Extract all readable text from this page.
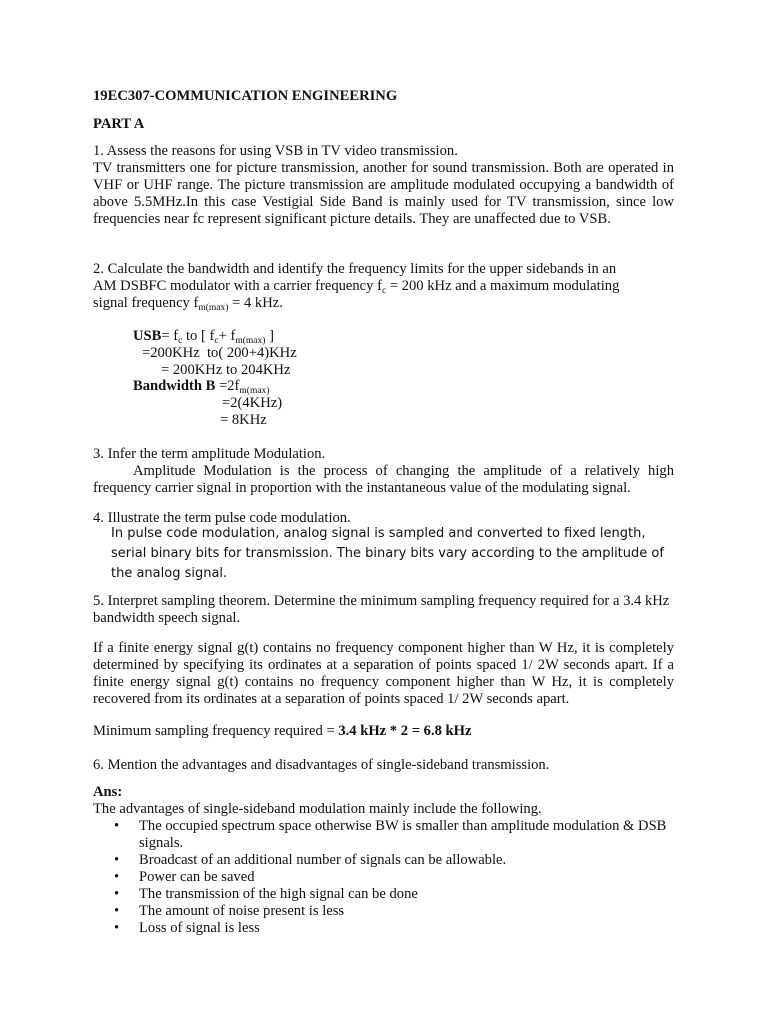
19EC307-COMMUNICATION ENGINEERING

PART A

1. Assess the reasons for using VSB in TV video transmission.

TV transmitters one for picture transmission, another for sound transmission. Both are operated in VHF or UHF range. The picture transmission are amplitude modulated occupying a bandwidth of above 5.5MHz.In this case Vestigial Side Band is mainly used for TV transmission, since low frequencies near fc represent significant picture details. They are unaffected due to VSB.

2. Calculate the bandwidth and identify the frequency limits for the upper sidebands in an

AM DSBFC modulator with a carrier frequency $f_c = 200$ kHz and a maximum modulating

signal frequency $f_{m(max)} = 4$ kHz.

$USB= f_c$ to [ $f_c+ f_{m(max)}$ ]

=200KHz  to( 200+4)KHz

= 200KHz to 204KHz

Bandwidth $B =2f_{m(max)}$

=2(4KHz)

= 8KHz

3. Infer the term amplitude Modulation.

Amplitude Modulation is the process of changing the amplitude of a relatively high frequency carrier signal in proportion with the instantaneous value of the modulating signal.

4. Illustrate the term pulse code modulation.

In pulse code modulation, analog signal is sampled and converted to fixed length, serial binary bits for transmission. The binary bits vary according to the amplitude of the analog signal.

5. Interpret sampling theorem. Determine the minimum sampling frequency required for a 3.4 kHz bandwidth speech signal.

If a finite energy signal g(t) contains no frequency component higher than W Hz, it is completely determined by specifying its ordinates at a separation of points spaced 1/ 2W seconds apart. If a finite energy signal g(t) contains no frequency component higher than W Hz, it is completely recovered from its ordinates at a separation of points spaced 1/ 2W seconds apart.

Minimum sampling frequency required = 3.4 kHz * 2 = 6.8 kHz

6. Mention the advantages and disadvantages of single-sideband transmission.

Ans:

The advantages of single-sideband modulation mainly include the following.

• The occupied spectrum space otherwise BW is smaller than amplitude modulation & DSB signals.
• Broadcast of an additional number of signals can be allowable.
• Power can be saved
• The transmission of the high signal can be done
• The amount of noise present is less
• Loss of signal is less
